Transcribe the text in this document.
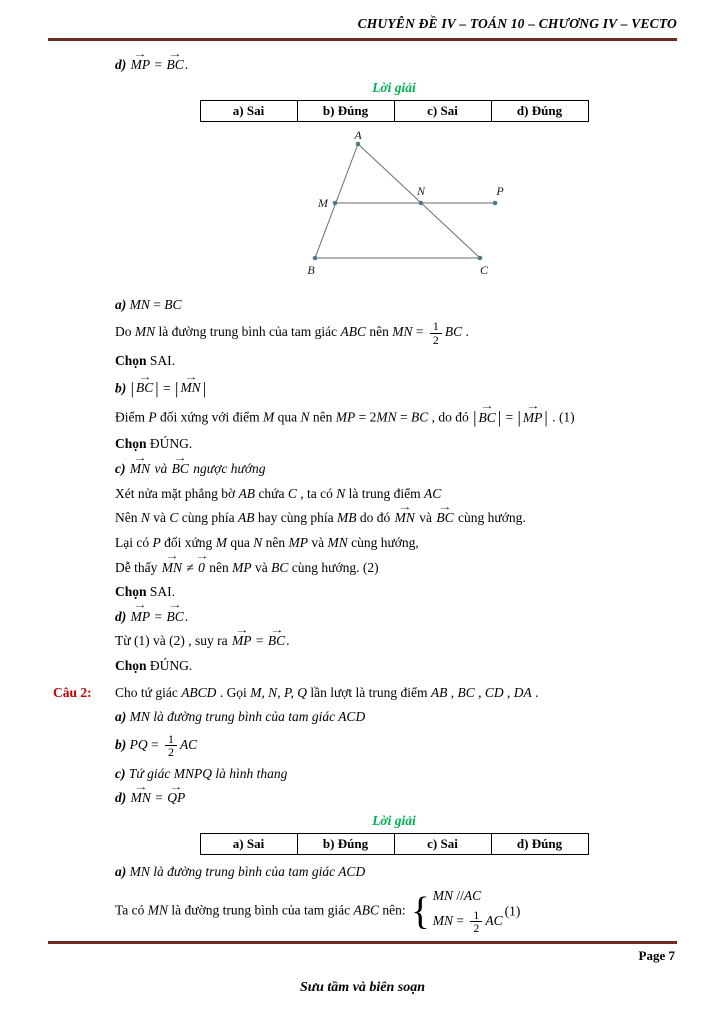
CHUYÊN ĐỀ IV – TOÁN 10 – CHƯƠNG IV – VECTO
d) → MP = → BC.
Lời giải
a) Sai	b) Đúng	c) Sai	d) Đúng
A
M
N	P
B	C
a) MN = BC
Do MN là đường trung bình của tam giác ABC nên MN = $\frac{1}{2}$ BC .
Chọn SAI.
b) | → BC | = | → MN |
Điểm P đối xứng với điểm M qua N nên MP = 2MN = BC , do đó | → BC | = | → MP | . (1)
Chọn ĐÚNG.
c) → MN và → BC ngược hướng
Xét nửa mặt phẳng bờ AB chứa C , ta có N là trung điểm AC
Nên N và C cùng phía AB hay cùng phía MB do đó → MN và → BC cùng hướng.
Lại có P đối xứng M qua N nên MP và MN cùng hướng,
Dễ thấy → MN ≠ → 0 nên MP và BC cùng hướng. (2)
Chọn SAI.
d) → MP = → BC.
Từ (1) và (2) , suy ra → MP = → BC.
Chọn ĐÚNG.
Câu 2: Cho tứ giác ABCD . Gọi M, N, P, Q lần lượt là trung điểm AB , BC , CD , DA .
a) MN là đường trung bình của tam giác ACD
b) PQ = $\frac{1}{2}$ AC
c) Tứ giác MNPQ là hình thang
d) → MN = → QP
Lời giải
a) Sai	b) Đúng	c) Sai	d) Đúng
a) MN là đường trung bình của tam giác ACD
Ta có MN là đường trung bình của tam giác ABC nên: { MN //AC
MN = $\frac{1}{2}$ AC
(1)
Page 7
Sưu tầm và biên soạn
